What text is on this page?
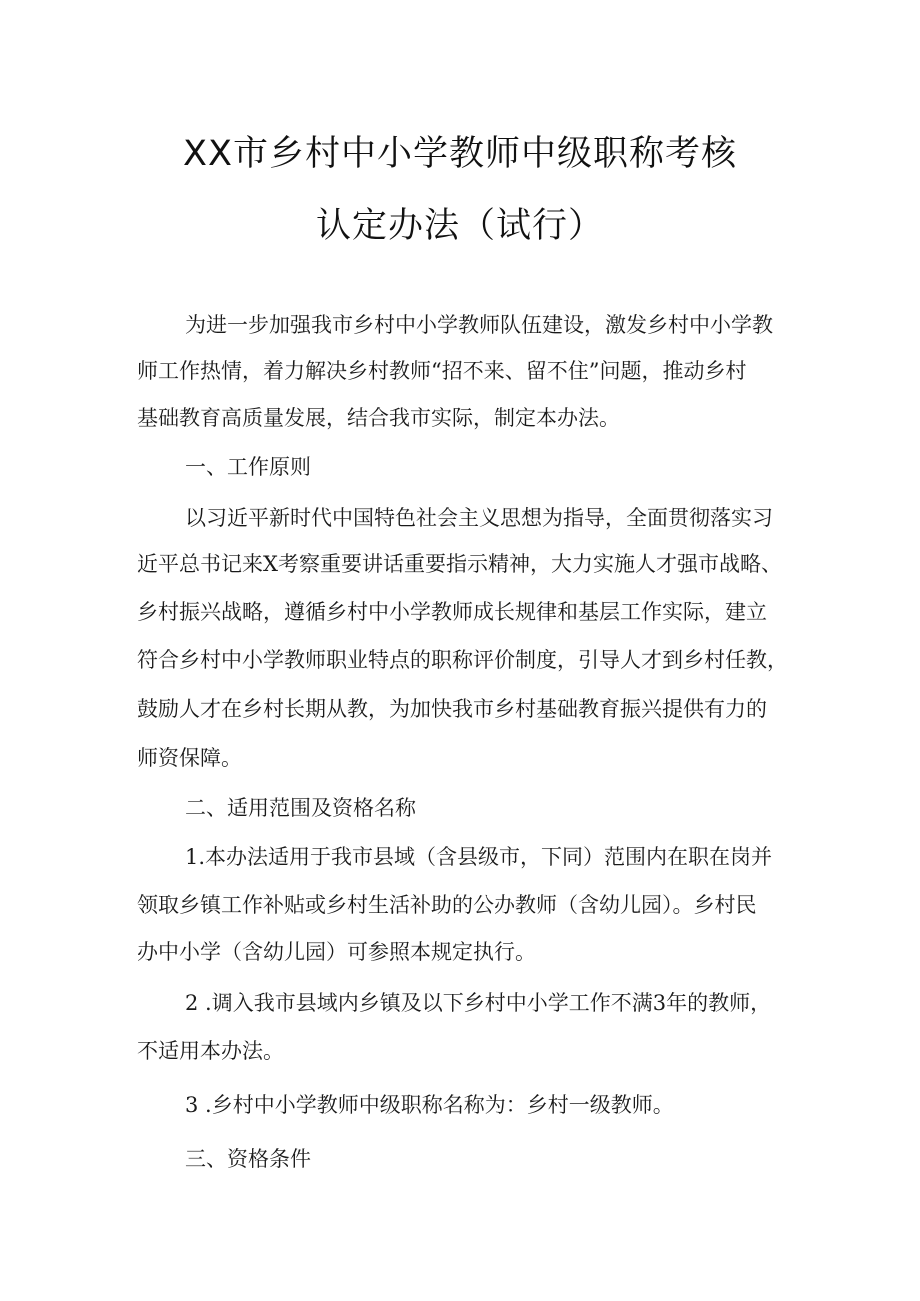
XX市乡村中小学教师中级职称考核
认定办法（试行）
为进一步加强我市乡村中小学教师队伍建设，激发乡村中小学教
师工作热情，着力解决乡村教师“招不来、留不住”问题，推动乡村
基础教育高质量发展，结合我市实际，制定本办法。
一、工作原则
以习近平新时代中国特色社会主义思想为指导，全面贯彻落实习
近平总书记来X考察重要讲话重要指示精神，大力实施人才强市战略、
乡村振兴战略，遵循乡村中小学教师成长规律和基层工作实际，建立
符合乡村中小学教师职业特点的职称评价制度，引导人才到乡村任教，
鼓励人才在乡村长期从教，为加快我市乡村基础教育振兴提供有力的
师资保障。
二、适用范围及资格名称
1.本办法适用于我市县域（含县级市，下同）范围内在职在岗并
领取乡镇工作补贴或乡村生活补助的公办教师（含幼儿园）。乡村民
办中小学（含幼儿园）可参照本规定执行。
2 .调入我市县域内乡镇及以下乡村中小学工作不满3年的教师，
不适用本办法。
3 .乡村中小学教师中级职称名称为：乡村一级教师。
三、资格条件
